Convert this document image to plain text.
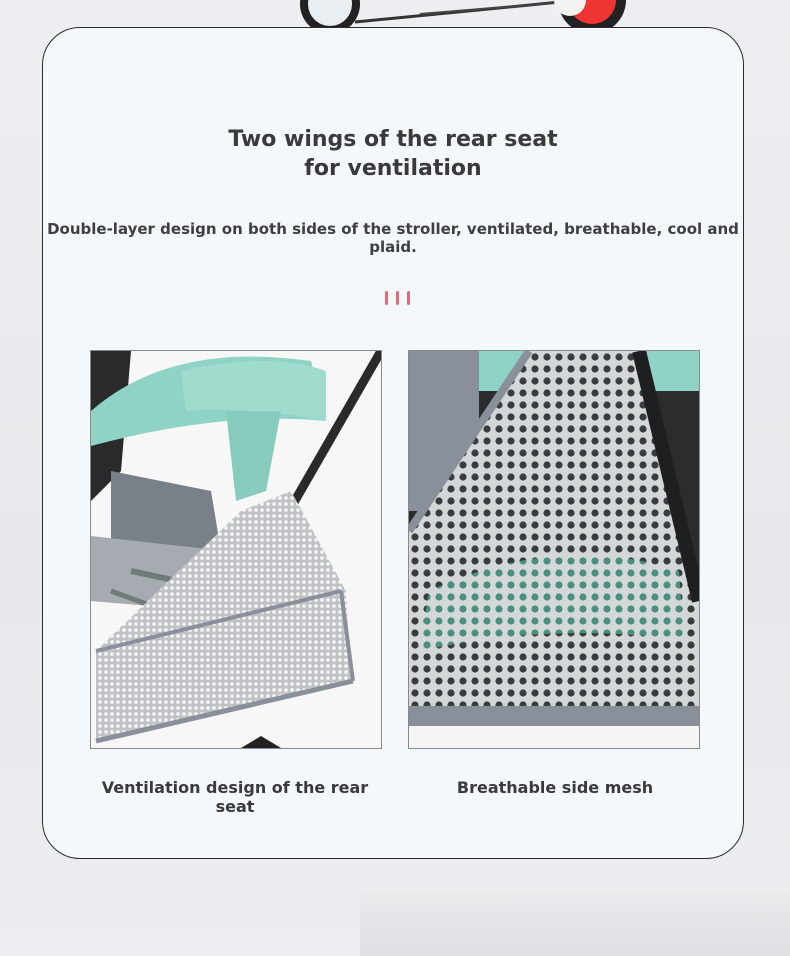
Two wings of the rear seat
for ventilation
Double-layer design on both sides of the stroller, ventilated, breathable, cool and plaid.
Ventilation design of the rear seat
Breathable side mesh
